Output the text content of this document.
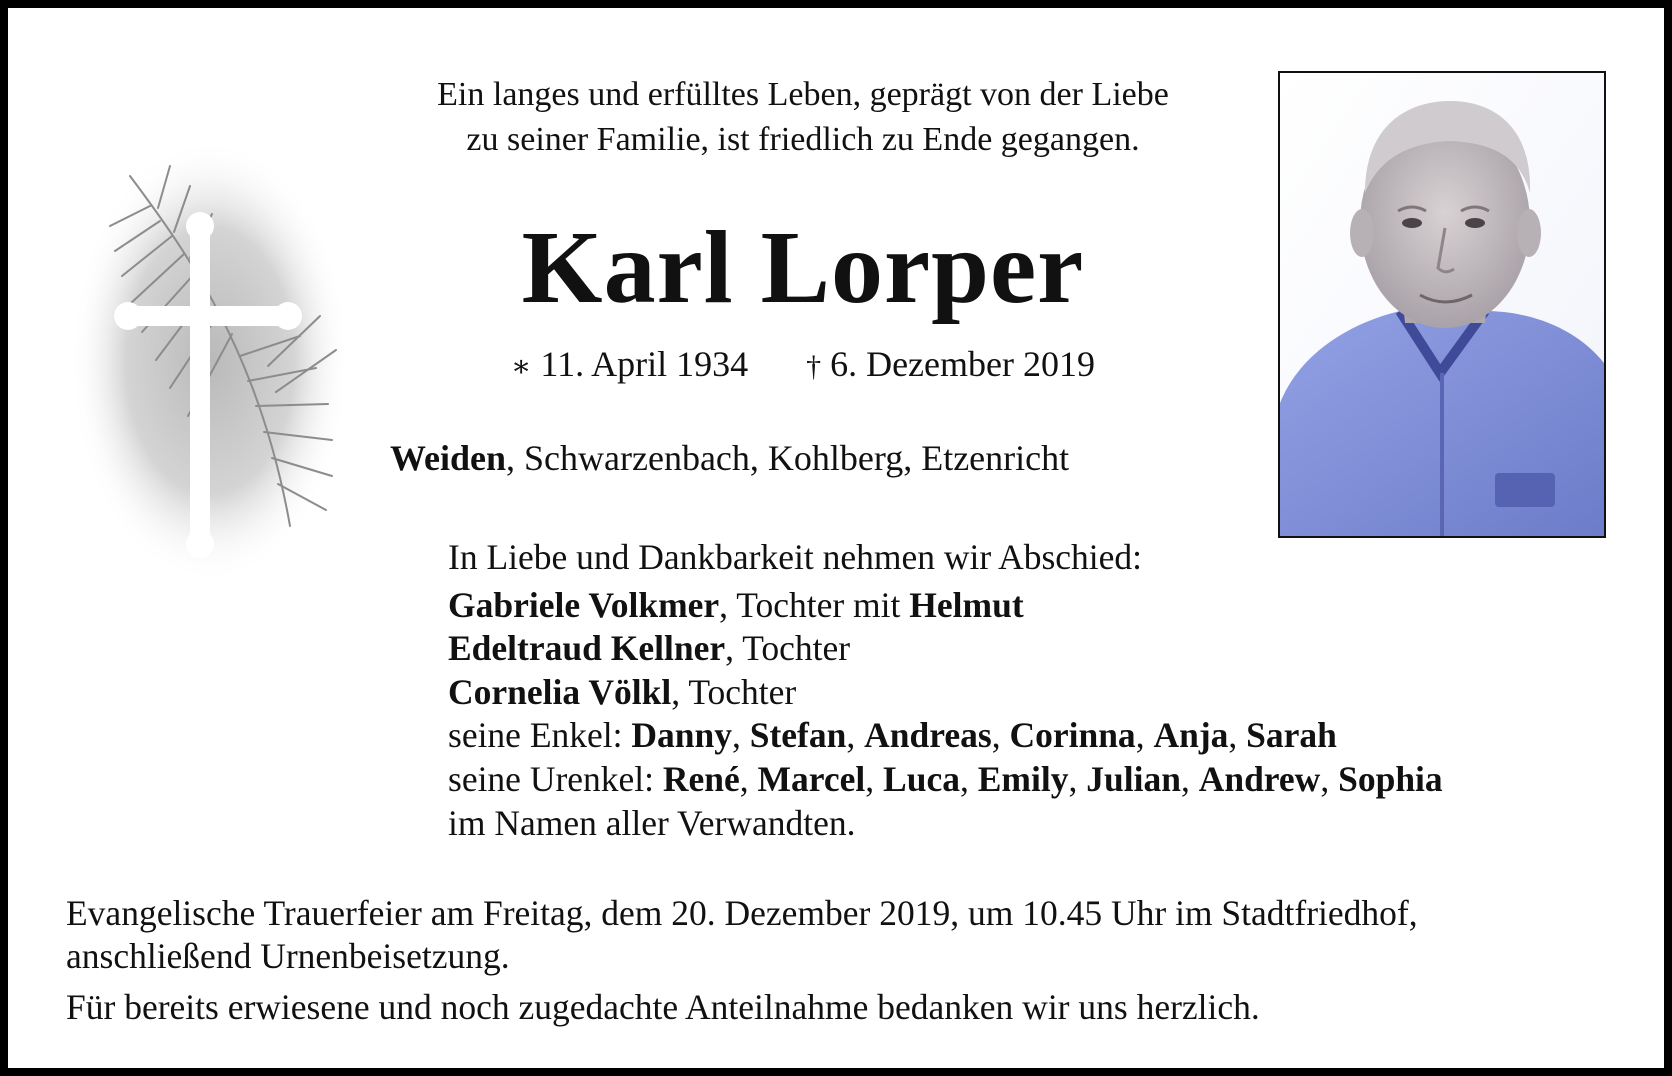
Ein langes und erfülltes Leben, geprägt von der Liebe
zu seiner Familie, ist friedlich zu Ende gegangen.
Karl Lorper
∗ 11. April 1934 † 6. Dezember 2019
Weiden, Schwarzenbach, Kohlberg, Etzenricht
In Liebe und Dankbarkeit nehmen wir Abschied:
Gabriele Volkmer, Tochter mit Helmut
Edeltraud Kellner, Tochter
Cornelia Völkl, Tochter
seine Enkel: Danny, Stefan, Andreas, Corinna, Anja, Sarah
seine Urenkel: René, Marcel, Luca, Emily, Julian, Andrew, Sophia
im Namen aller Verwandten.
Evangelische Trauerfeier am Freitag, dem 20. Dezember 2019, um 10.45 Uhr im Stadtfriedhof,
anschließend Urnenbeisetzung.
Für bereits erwiesene und noch zugedachte Anteilnahme bedanken wir uns herzlich.
